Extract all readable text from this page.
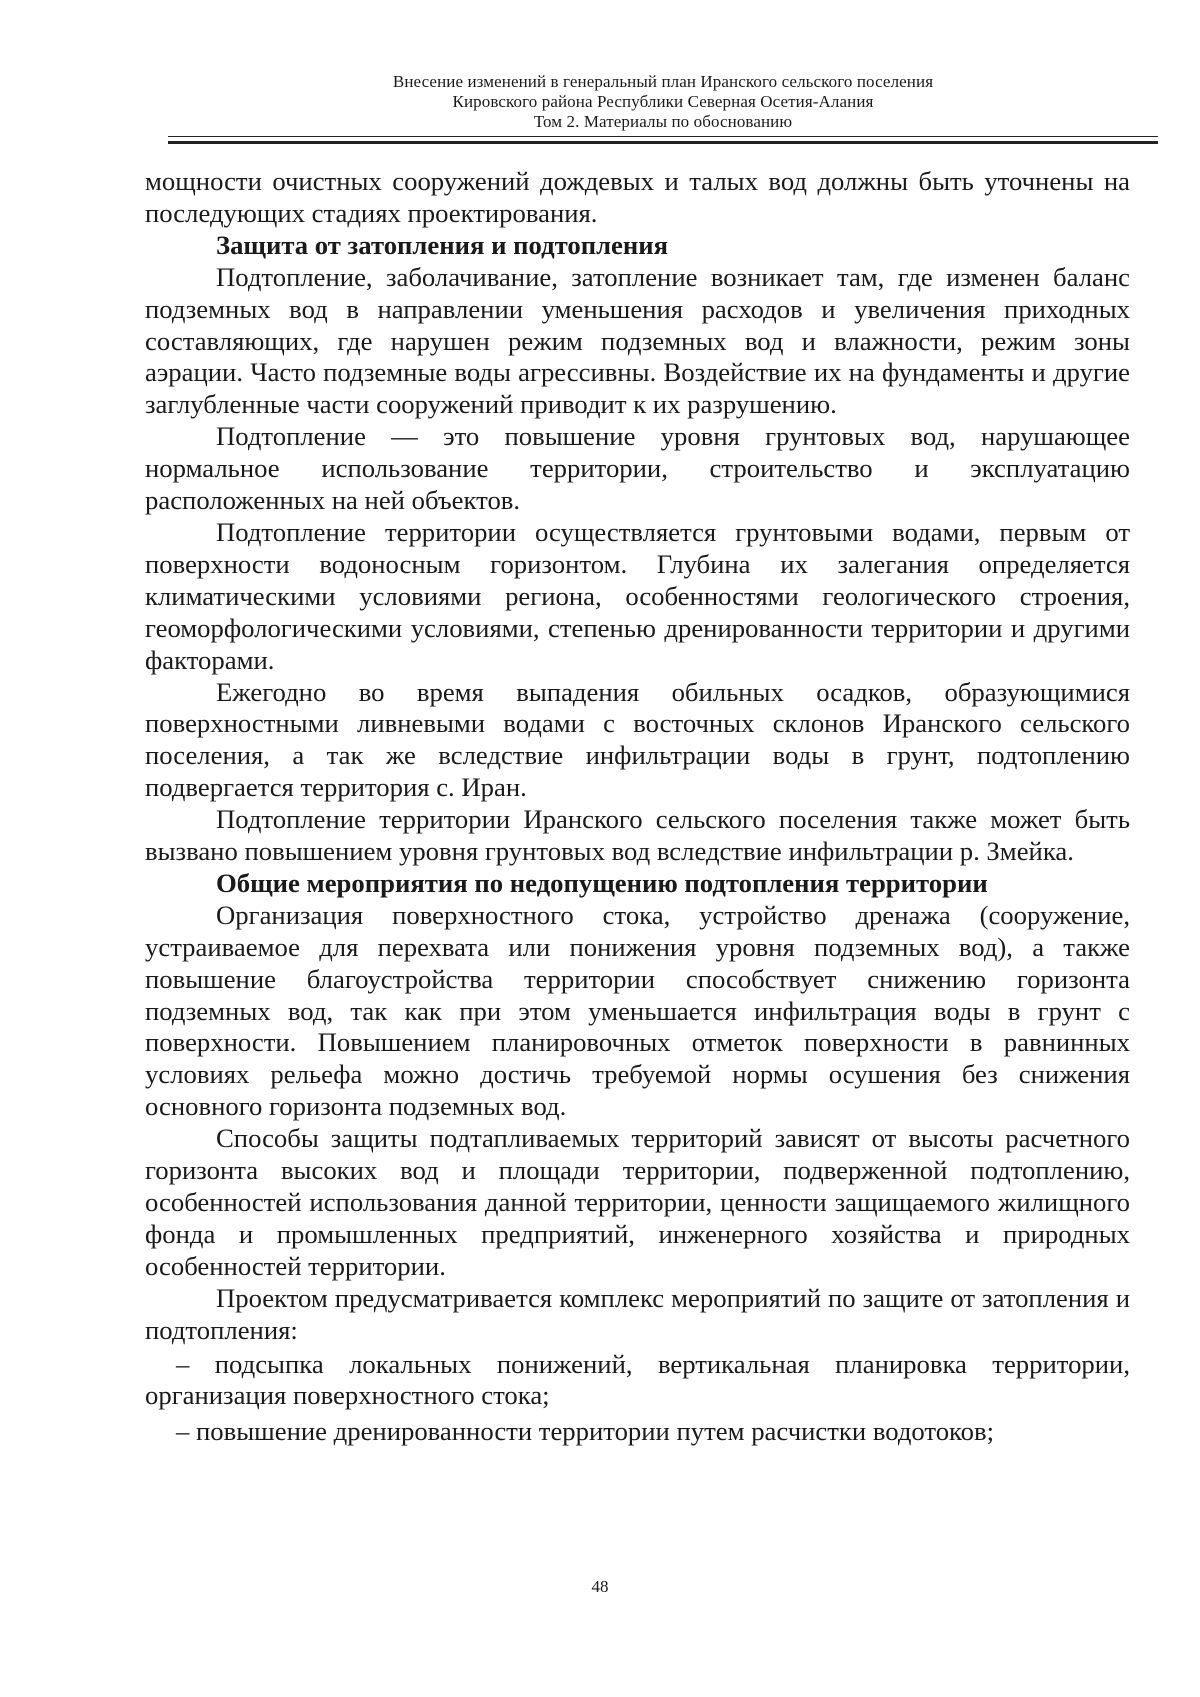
Внесение изменений в генеральный план Иранского сельского поселения
Кировского района Республики Северная Осетия-Алания
Том 2. Материалы по обоснованию

мощности очистных сооружений дождевых и талых вод должны быть уточнены на последующих стадиях проектирования.

Защита от затопления и подтопления

Подтопление, заболачивание, затопление возникает там, где изменен баланс подземных вод в направлении уменьшения расходов и увеличения приходных составляющих, где нарушен режим подземных вод и влажности, режим зоны аэрации. Часто подземные воды агрессивны. Воздействие их на фундаменты и другие заглубленные части сооружений приводит к их разрушению.

Подтопление — это повышение уровня грунтовых вод, нарушающее нормальное использование территории, строительство и эксплуатацию расположенных на ней объектов.

Подтопление территории осуществляется грунтовыми водами, первым от поверхности водоносным горизонтом. Глубина их залегания определяется климатическими условиями региона, особенностями геологического строения, геоморфологическими условиями, степенью дренированности территории и другими факторами.

Ежегодно во время выпадения обильных осадков, образующимися поверхностными ливневыми водами с восточных склонов Иранского сельского поселения, а так же вследствие инфильтрации воды в грунт, подтоплению подвергается территория с. Иран.

Подтопление территории Иранского сельского поселения также может быть вызвано повышением уровня грунтовых вод вследствие инфильтрации р. Змейка.

Общие мероприятия по недопущению подтопления территории

Организация поверхностного стока, устройство дренажа (сооружение, устраиваемое для перехвата или понижения уровня подземных вод), а также повышение благоустройства территории способствует снижению горизонта подземных вод, так как при этом уменьшается инфильтрация воды в грунт с поверхности. Повышением планировочных отметок поверхности в равнинных условиях рельефа можно достичь требуемой нормы осушения без снижения основного горизонта подземных вод.

Способы защиты подтапливаемых территорий зависят от высоты расчетного горизонта высоких вод и площади территории, подверженной подтоплению, особенностей использования данной территории, ценности защищаемого жилищного фонда и промышленных предприятий, инженерного хозяйства и природных особенностей территории.

Проектом предусматривается комплекс мероприятий по защите от затопления и подтопления:

– подсыпка локальных понижений, вертикальная планировка территории, организация поверхностного стока;

– повышение дренированности территории путем расчистки водотоков;

48
